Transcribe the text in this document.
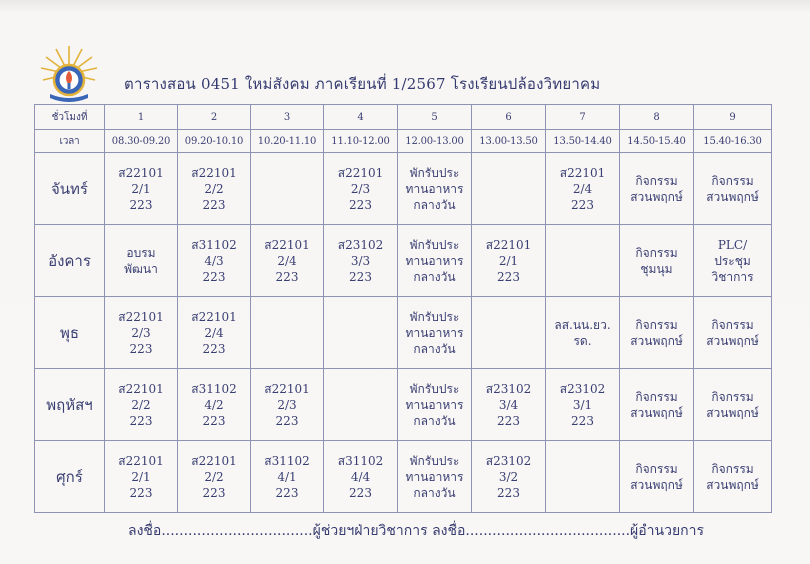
ตารางสอน 0451 ใหม่สังคม ภาคเรียนที่ 1/2567 โรงเรียนปล้องวิทยาคม
ชั่วโมงที่	1	2	3	4	5	6	7	8	9
เวลา	08.30-09.20	09.20-10.10	10.20-11.10	11.10-12.00	12.00-13.00	13.00-13.50	13.50-14.40	14.50-15.40	15.40-16.30
จันทร์	ส22101
2/1
223	ส22101
2/2
223		ส22101
2/3
223	พักรับประ
ทานอาหาร
กลางวัน		ส22101
2/4
223	กิจกรรม
สวนพฤกษ์	กิจกรรม
สวนพฤกษ์

อังคาร	อบรม
พัฒนา	ส31102
4/3
223	ส22101
2/4
223	ส23102
3/3
223	พักรับประ
ทานอาหาร
กลางวัน	ส22101
2/1
223		กิจกรรม
ชุมนุม	PLC/
ประชุม
วิชาการ

พุธ	ส22101
2/3
223	ส22101
2/4
223			พักรับประ
ทานอาหาร
กลางวัน		ลส.นน.ยว.
รด.	กิจกรรม
สวนพฤกษ์	กิจกรรม
สวนพฤกษ์

พฤหัสฯ	ส22101
2/2
223	ส31102
4/2
223	ส22101
2/3
223		พักรับประ
ทานอาหาร
กลางวัน	ส23102
3/4
223	ส23102
3/1
223	กิจกรรม
สวนพฤกษ์	กิจกรรม
สวนพฤกษ์

ศุกร์	ส22101
2/1
223	ส22101
2/2
223	ส31102
4/1
223	ส31102
4/4
223	พักรับประ
ทานอาหาร
กลางวัน	ส23102
3/2
223		กิจกรรม
สวนพฤกษ์	กิจกรรม
สวนพฤกษ์
ลงชื่อ..................................ผู้ช่วยฯฝ่ายวิชาการ ลงชื่อ.....................................ผู้อำนวยการ
